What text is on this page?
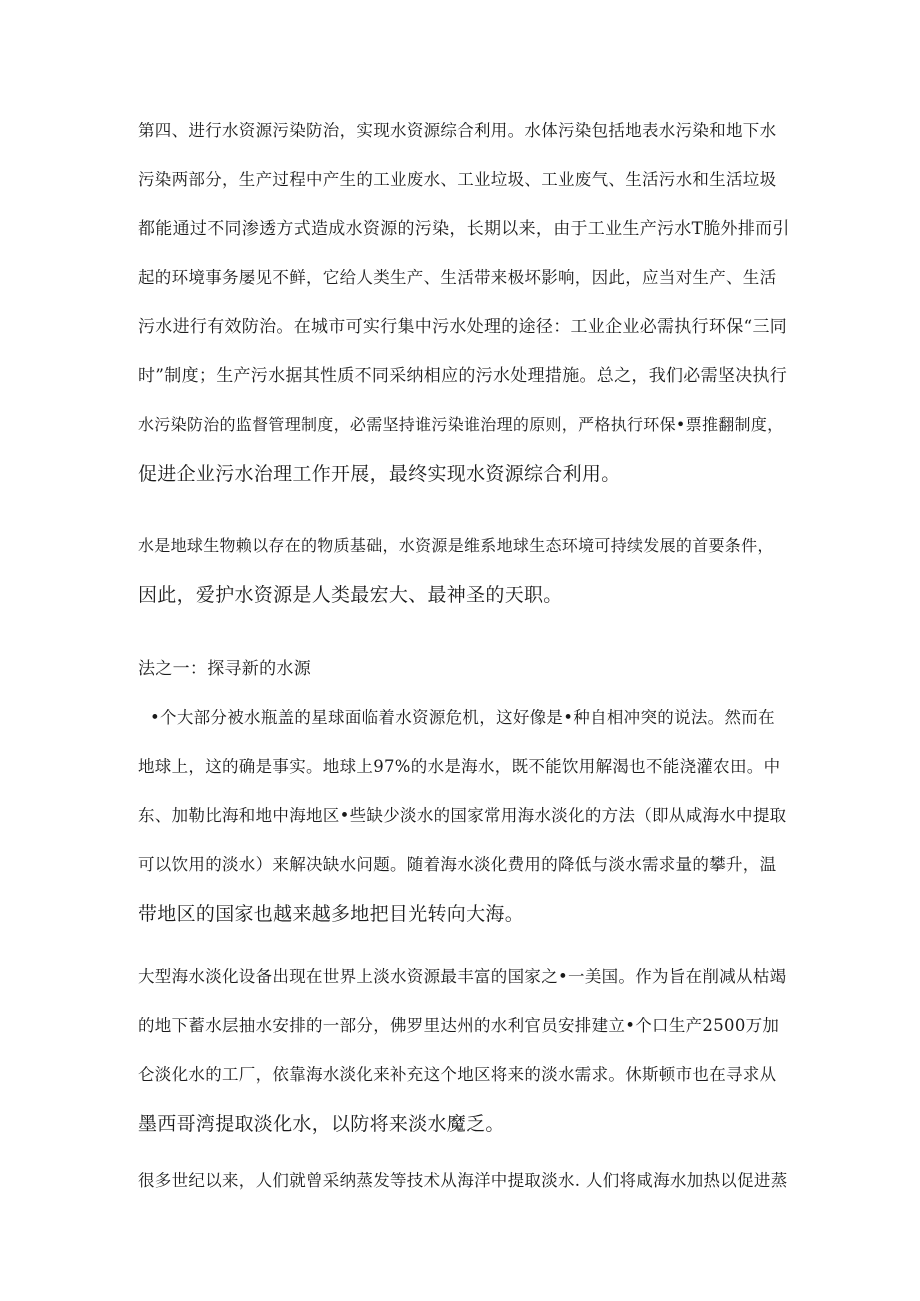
第四、进行水资源污染防治，实现水资源综合利用。水体污染包括地表水污染和地下水
污染两部分，生产过程中产生的工业废水、工业垃圾、工业废气、生活污水和生活垃圾
都能通过不同渗透方式造成水资源的污染，长期以来，由于工业生产污水T脆外排而引
起的环境事务屡见不鲜，它给人类生产、生活带来极坏影响，因此，应当对生产、生活
污水进行有效防治。在城市可实行集中污水处理的途径：工业企业必需执行环保“三同
时”制度；生产污水据其性质不同采纳相应的污水处理措施。总之，我们必需坚决执行
水污染防治的监督管理制度，必需坚持谁污染谁治理的原则，严格执行环保•票推翻制度，
促进企业污水治理工作开展，最终实现水资源综合利用。
水是地球生物赖以存在的物质基础，水资源是维系地球生态环境可持续发展的首要条件，
因此，爱护水资源是人类最宏大、最神圣的天职。
法之一：探寻新的水源
•个大部分被水瓶盖的星球面临着水资源危机，这好像是•种自相冲突的说法。然而在
地球上，这的确是事实。地球上97%的水是海水，既不能饮用解渴也不能浇灌农田。中
东、加勒比海和地中海地区•些缺少淡水的国家常用海水淡化的方法（即从咸海水中提取
可以饮用的淡水）来解决缺水问题。随着海水淡化费用的降低与淡水需求量的攀升，温
带地区的国家也越来越多地把目光转向大海。
大型海水淡化设备出现在世界上淡水资源最丰富的国家之•一美国。作为旨在削减从枯竭
的地下蓄水层抽水安排的一部分，佛罗里达州的水利官员安排建立•个口生产2500万加
仑淡化水的工厂，依靠海水淡化来补充这个地区将来的淡水需求。休斯顿市也在寻求从
墨西哥湾提取淡化水，以防将来淡水魔乏。
很多世纪以来，人们就曾采纳蒸发等技术从海洋中提取淡水. 人们将咸海水加热以促进蒸
